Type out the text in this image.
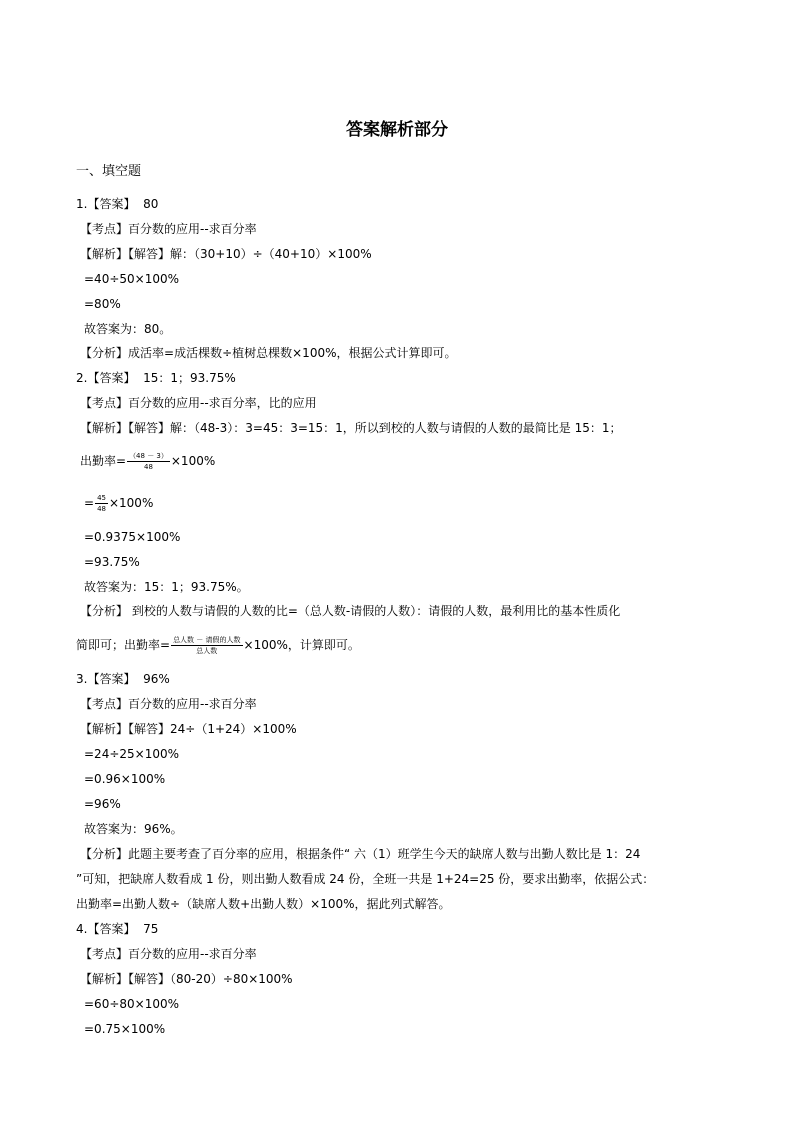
答案解析部分
一、填空题
1.【答案】 80
【考点】百分数的应用--求百分率
【解析】【解答】解：（30+10）÷（40+10）×100%
=40÷50×100%
=80%
故答案为：80。
【分析】成活率=成活棵数÷植树总棵数×100%，根据公式计算即可。
2.【答案】 15：1；93.75%
【考点】百分数的应用--求百分率，比的应用
【解析】【解答】解：（48-3）：3=45：3=15：1，所以到校的人数与请假的人数的最简比是 15：1；
出勤率= $\frac{(48 - 3)}{48} \times 100\%$
= $\frac{45}{48} \times 100\%$
=0.9375×100%
=93.75%
故答案为：15：1；93.75%。
【分析】 到校的人数与请假的人数的比=（总人数-请假的人数）：请假的人数，最利用比的基本性质化
简即可；出勤率= $\frac{\text{总人数 － 请假的人数}}{\text{总人数}} \times 100\%$，计算即可。
3.【答案】 96%
【考点】百分数的应用--求百分率
【解析】【解答】24÷（1+24）×100%
=24÷25×100%
=0.96×100%
=96%
故答案为：96%。
【分析】此题主要考查了百分率的应用，根据条件“ 六（1）班学生今天的缺席人数与出勤人数比是 1：24
”可知，把缺席人数看成 1 份，则出勤人数看成 24 份，全班一共是 1+24=25 份，要求出勤率，依据公式：
出勤率=出勤人数÷（缺席人数+出勤人数）×100%，据此列式解答。
4.【答案】 75
【考点】百分数的应用--求百分率
【解析】【解答】（80-20）÷80×100%
=60÷80×100%
=0.75×100%
